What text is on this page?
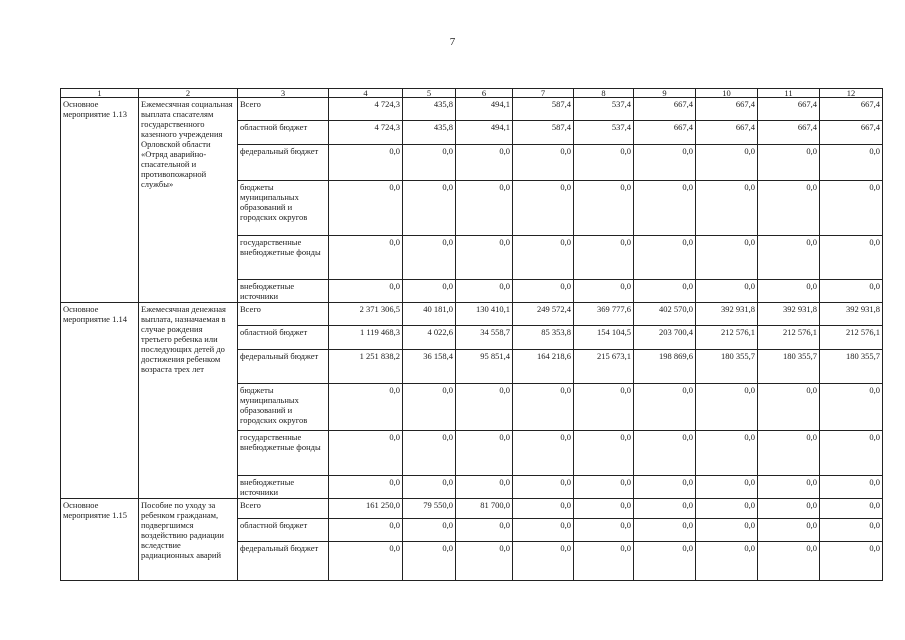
7
1	2	3	4	5	6	7	8	9	10	11	12
Основное мероприятие 1.13	Ежемесячная социальная выплата спасателям государственного казенного учреждения Орловской области «Отряд аварийно-спасательной и противопожарной службы»	Всего	4 724,3	435,8	494,1	587,4	537,4	667,4	667,4	667,4	667,4
		областной бюджет	4 724,3	435,8	494,1	587,4	537,4	667,4	667,4	667,4	667,4
		федеральный бюджет	0,0	0,0	0,0	0,0	0,0	0,0	0,0	0,0	0,0
		бюджеты муниципальных образований и городских округов	0,0	0,0	0,0	0,0	0,0	0,0	0,0	0,0	0,0
		государственные внебюджетные фонды	0,0	0,0	0,0	0,0	0,0	0,0	0,0	0,0	0,0
		внебюджетные источники	0,0	0,0	0,0	0,0	0,0	0,0	0,0	0,0	0,0
Основное мероприятие 1.14	Ежемесячная денежная выплата, назначаемая в случае рождения третьего ребенка или последующих детей до достижения ребенком возраста трех лет	Всего	2 371 306,5	40 181,0	130 410,1	249 572,4	369 777,6	402 570,0	392 931,8	392 931,8	392 931,8
		областной бюджет	1 119 468,3	4 022,6	34 558,7	85 353,8	154 104,5	203 700,4	212 576,1	212 576,1	212 576,1
		федеральный бюджет	1 251 838,2	36 158,4	95 851,4	164 218,6	215 673,1	198 869,6	180 355,7	180 355,7	180 355,7
		бюджеты муниципальных образований и городских округов	0,0	0,0	0,0	0,0	0,0	0,0	0,0	0,0	0,0
		государственные внебюджетные фонды	0,0	0,0	0,0	0,0	0,0	0,0	0,0	0,0	0,0
		внебюджетные источники	0,0	0,0	0,0	0,0	0,0	0,0	0,0	0,0	0,0
Основное мероприятие 1.15	Пособие по уходу за ребенком гражданам, подвергшимся воздействию радиации вследствие радиационных аварий	Всего	161 250,0	79 550,0	81 700,0	0,0	0,0	0,0	0,0	0,0	0,0
		областной бюджет	0,0	0,0	0,0	0,0	0,0	0,0	0,0	0,0	0,0
		федеральный бюджет	0,0	0,0	0,0	0,0	0,0	0,0	0,0	0,0	0,0
